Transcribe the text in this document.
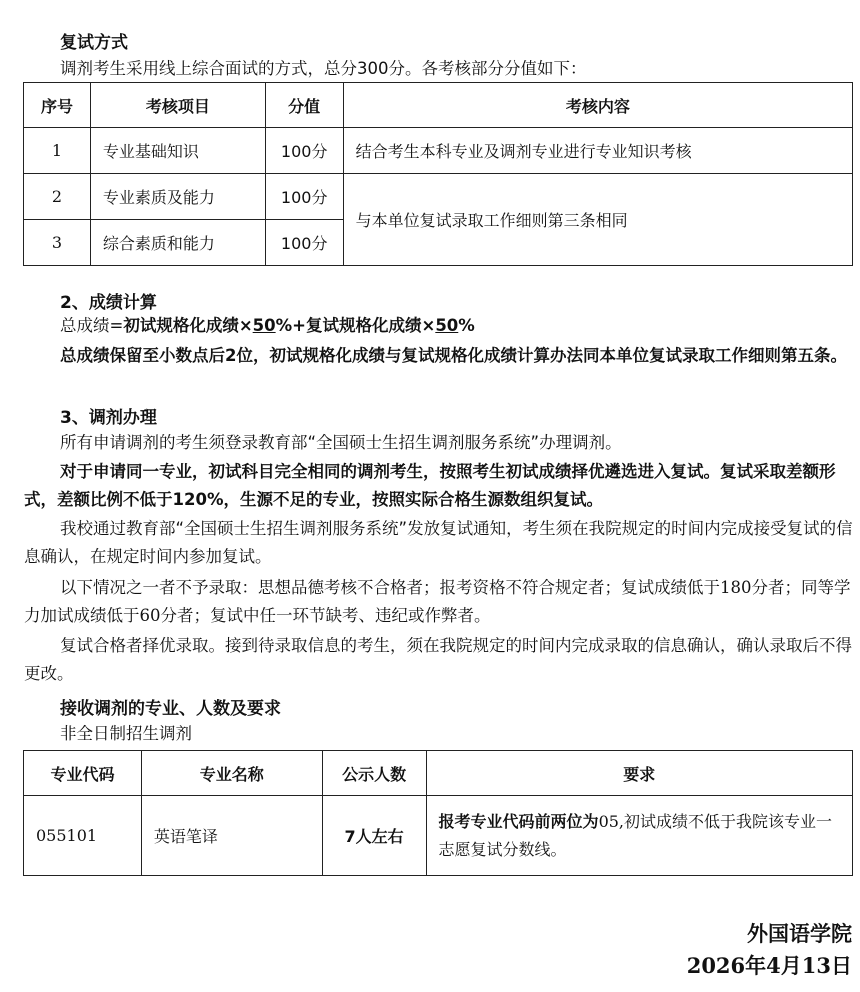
复试方式
调剂考生采用线上综合面试的方式，总分300分。各考核部分分值如下：
序号	考核项目	分值	考核内容
1	专业基础知识	100分	结合考生本科专业及调剂专业进行专业知识考核
2	专业素质及能力	100分	与本单位复试录取工作细则第三条相同
3	综合素质和能力	100分	
2、成绩计算
总成绩=初试规格化成绩×50%+复试规格化成绩×50%
总成绩保留至小数点后2位，初试规格化成绩与复试规格化成绩计算办法同本单位复试录取工作细则第五条。
3、调剂办理
所有申请调剂的考生须登录教育部“全国硕士生招生调剂服务系统”办理调剂。
对于申请同一专业，初试科目完全相同的调剂考生，按照考生初试成绩择优遴选进入复试。复试采取差额形式，差额比例不低于120%，生源不足的专业，按照实际合格生源数组织复试。
我校通过教育部“全国硕士生招生调剂服务系统”发放复试通知，考生须在我院规定的时间内完成接受复试的信息确认，在规定时间内参加复试。
以下情况之一者不予录取：思想品德考核不合格者；报考资格不符合规定者；复试成绩低于180分者；同等学力加试成绩低于60分者；复试中任一环节缺考、违纪或作弊者。
复试合格者择优录取。接到待录取信息的考生，须在我院规定的时间内完成录取的信息确认，确认录取后不得更改。
接收调剂的专业、人数及要求
非全日制招生调剂
专业代码	专业名称	公示人数	要求
055101	英语笔译	7人左右	报考专业代码前两位为05,初试成绩不低于我院该专业一志愿复试分数线。
外国语学院
2026年4月13日
